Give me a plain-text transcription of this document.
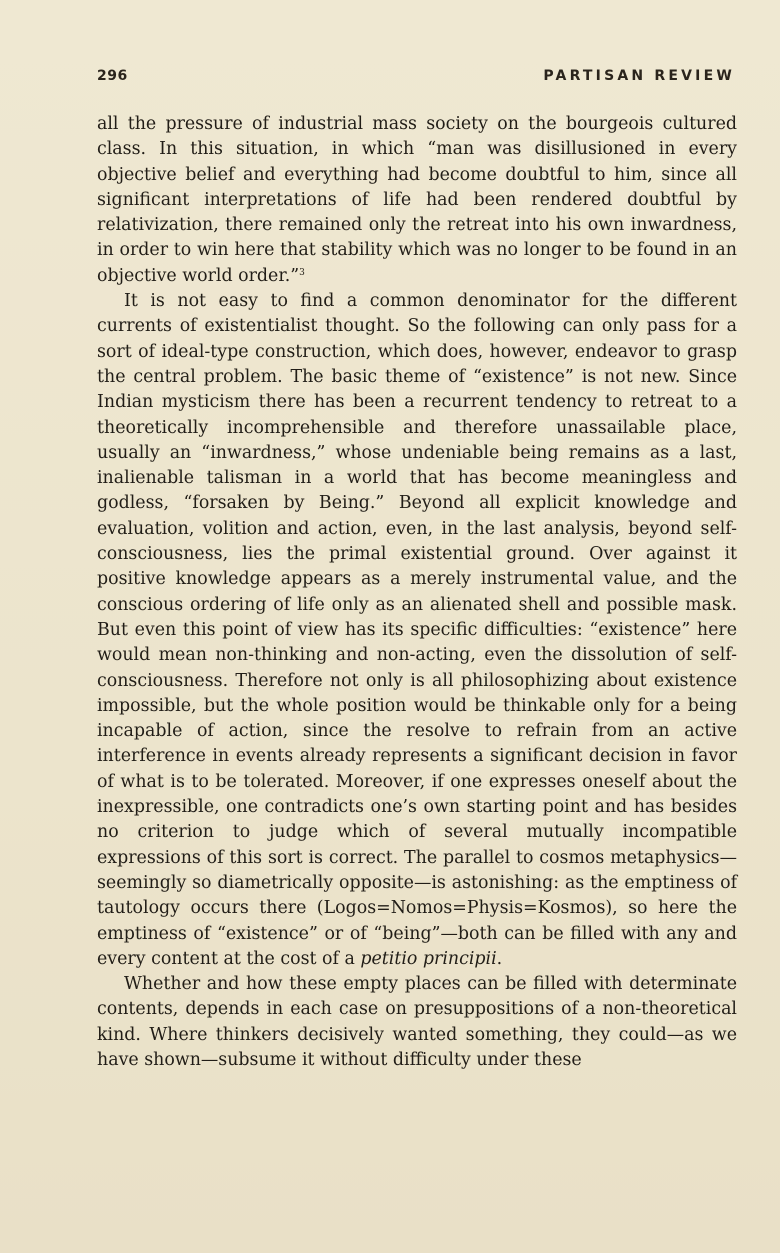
296	PARTISAN REVIEW

all the pressure of industrial mass society on the bourgeois cultured class. In this situation, in which “man was disillusioned in every objective belief and everything had become doubtful to him, since all significant interpretations of life had been rendered doubtful by relativization, there remained only the retreat into his own inwardness, in order to win here that stability which was no longer to be found in an objective world order.”$^3$

It is not easy to find a common denominator for the different currents of existentialist thought. So the following can only pass for a sort of ideal-type construction, which does, however, endeavor to grasp the central problem. The basic theme of “existence” is not new. Since Indian mysticism there has been a recurrent tendency to retreat to a theoretically incomprehensible and therefore unassailable place, usually an “inwardness,” whose undeniable being remains as a last, inalienable talisman in a world that has become meaningless and godless, “forsaken by Being.” Beyond all explicit knowledge and evaluation, volition and action, even, in the last analysis, beyond self-consciousness, lies the primal existential ground. Over against it positive knowledge appears as a merely instrumental value, and the conscious ordering of life only as an alienated shell and possible mask. But even this point of view has its specific difficulties: “existence” here would mean non-thinking and non-acting, even the dissolution of self-consciousness. Therefore not only is all philosophizing about existence impossible, but the whole position would be thinkable only for a being incapable of action, since the resolve to refrain from an active interference in events already represents a significant decision in favor of what is to be tolerated. Moreover, if one expresses oneself about the inexpressible, one contradicts one’s own starting point and has besides no criterion to judge which of several mutually incompatible expressions of this sort is correct. The parallel to cosmos metaphysics—seemingly so diametrically opposite—is astonishing: as the emptiness of tautology occurs there (Logos=Nomos=Physis=Kosmos), so here the emptiness of “existence” or of “being”—both can be filled with any and every content at the cost of a petitio principii.

Whether and how these empty places can be filled with determinate contents, depends in each case on presuppositions of a non-theoretical kind. Where thinkers decisively wanted something, they could—as we have shown—subsume it without difficulty under these
